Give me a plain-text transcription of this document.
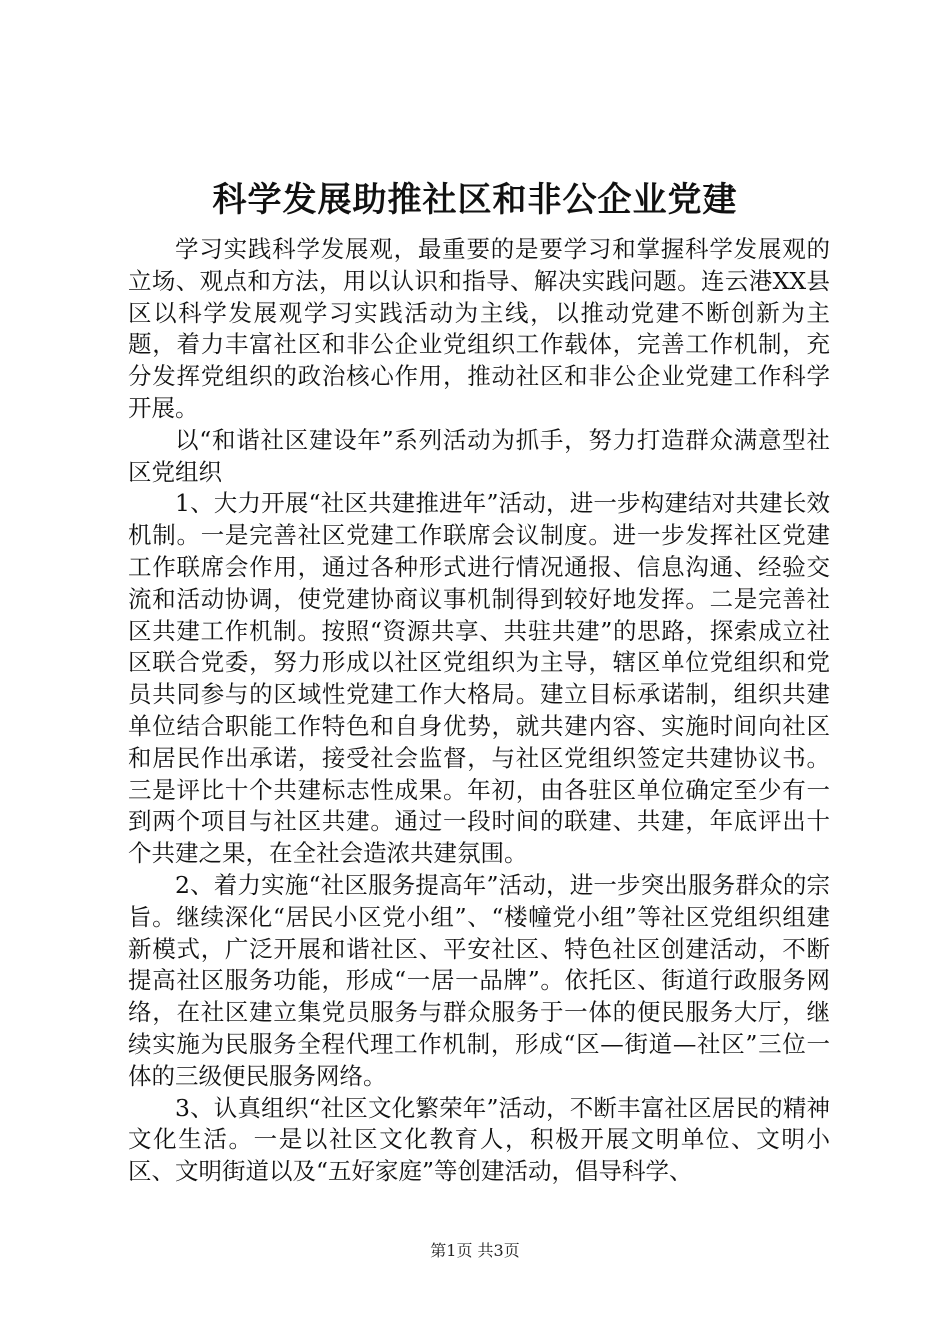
科学发展助推社区和非公企业党建

学习实践科学发展观，最重要的是要学习和掌握科学发展观的立场、观点和方法，用以认识和指导、解决实践问题。连云港XX县区以科学发展观学习实践活动为主线，以推动党建不断创新为主题，着力丰富社区和非公企业党组织工作载体，完善工作机制，充分发挥党组织的政治核心作用，推动社区和非公企业党建工作科学开展。

以“和谐社区建设年”系列活动为抓手，努力打造群众满意型社区党组织

1、大力开展“社区共建推进年”活动，进一步构建结对共建长效机制。一是完善社区党建工作联席会议制度。进一步发挥社区党建工作联席会作用，通过各种形式进行情况通报、信息沟通、经验交流和活动协调，使党建协商议事机制得到较好地发挥。二是完善社区共建工作机制。按照“资源共享、共驻共建”的思路，探索成立社区联合党委，努力形成以社区党组织为主导，辖区单位党组织和党员共同参与的区域性党建工作大格局。建立目标承诺制，组织共建单位结合职能工作特色和自身优势，就共建内容、实施时间向社区和居民作出承诺，接受社会监督，与社区党组织签定共建协议书。三是评比十个共建标志性成果。年初，由各驻区单位确定至少有一到两个项目与社区共建。通过一段时间的联建、共建，年底评出十个共建之果，在全社会造浓共建氛围。

2、着力实施“社区服务提高年”活动，进一步突出服务群众的宗旨。继续深化“居民小区党小组”、“楼幢党小组”等社区党组织组建新模式，广泛开展和谐社区、平安社区、特色社区创建活动，不断提高社区服务功能，形成“一居一品牌”。依托区、街道行政服务网络，在社区建立集党员服务与群众服务于一体的便民服务大厅，继续实施为民服务全程代理工作机制，形成“区—街道—社区”三位一体的三级便民服务网络。

3、认真组织“社区文化繁荣年”活动，不断丰富社区居民的精神文化生活。一是以社区文化教育人，积极开展文明单位、文明小区、文明街道以及“五好家庭”等创建活动，倡导科学、

第1页 共3页
